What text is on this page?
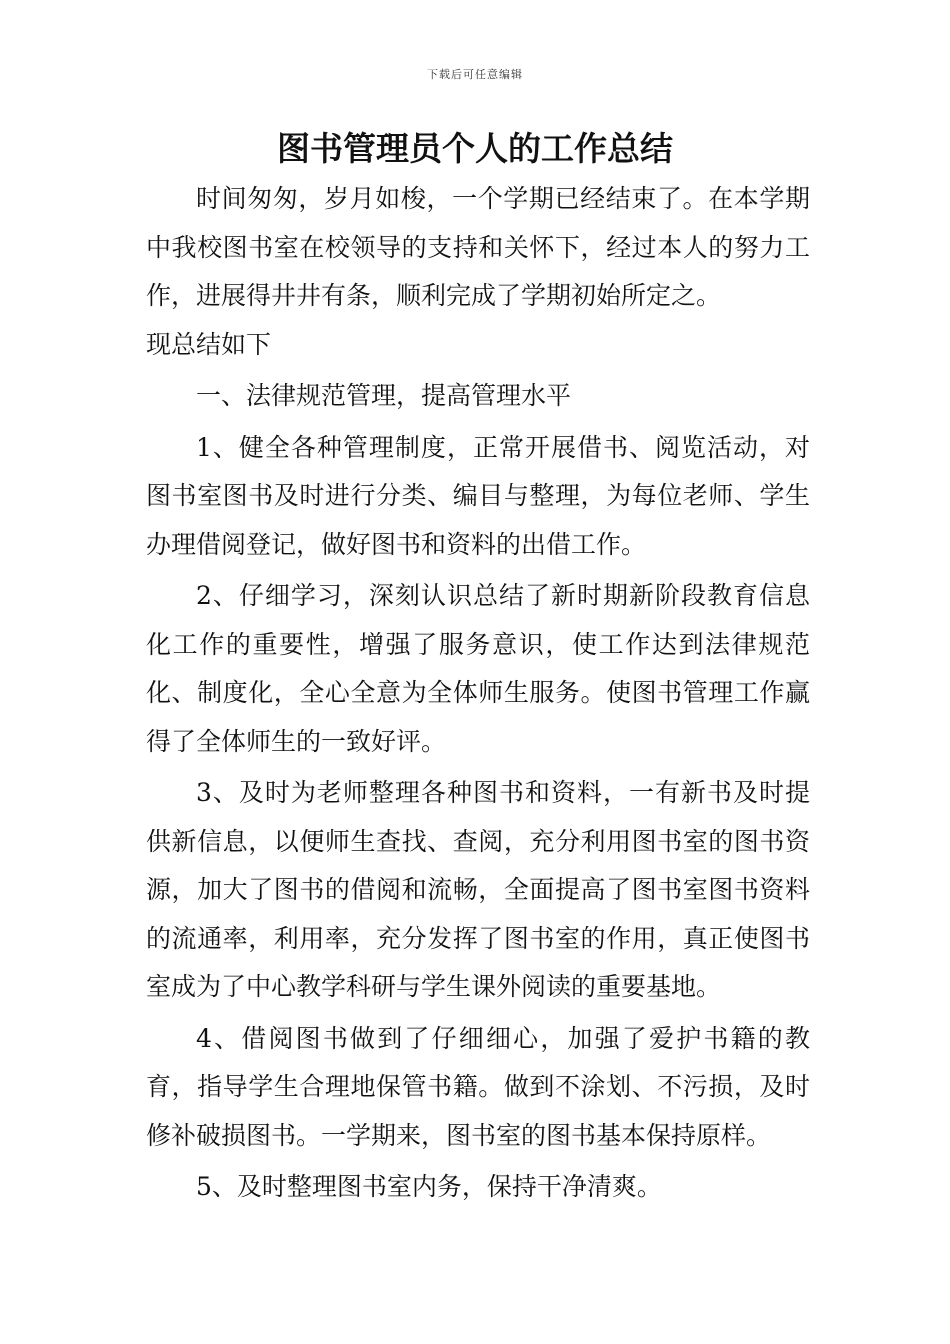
下载后可任意编辑
图书管理员个人的工作总结

时间匆匆，岁月如梭，一个学期已经结束了。在本学期中我校图书室在校领导的支持和关怀下，经过本人的努力工作，进展得井井有条，顺利完成了学期初始所定之。

现总结如下

一、法律规范管理，提高管理水平

1、健全各种管理制度，正常开展借书、阅览活动，对图书室图书及时进行分类、编目与整理，为每位老师、学生办理借阅登记，做好图书和资料的出借工作。

2、仔细学习，深刻认识总结了新时期新阶段教育信息化工作的重要性，增强了服务意识，使工作达到法律规范化、制度化，全心全意为全体师生服务。使图书管理工作赢得了全体师生的一致好评。

3、及时为老师整理各种图书和资料，一有新书及时提供新信息，以便师生查找、查阅，充分利用图书室的图书资源，加大了图书的借阅和流畅，全面提高了图书室图书资料的流通率，利用率，充分发挥了图书室的作用，真正使图书室成为了中心教学科研与学生课外阅读的重要基地。

4、借阅图书做到了仔细细心，加强了爱护书籍的教育，指导学生合理地保管书籍。做到不涂划、不污损，及时修补破损图书。一学期来，图书室的图书基本保持原样。

5、及时整理图书室内务，保持干净清爽。
